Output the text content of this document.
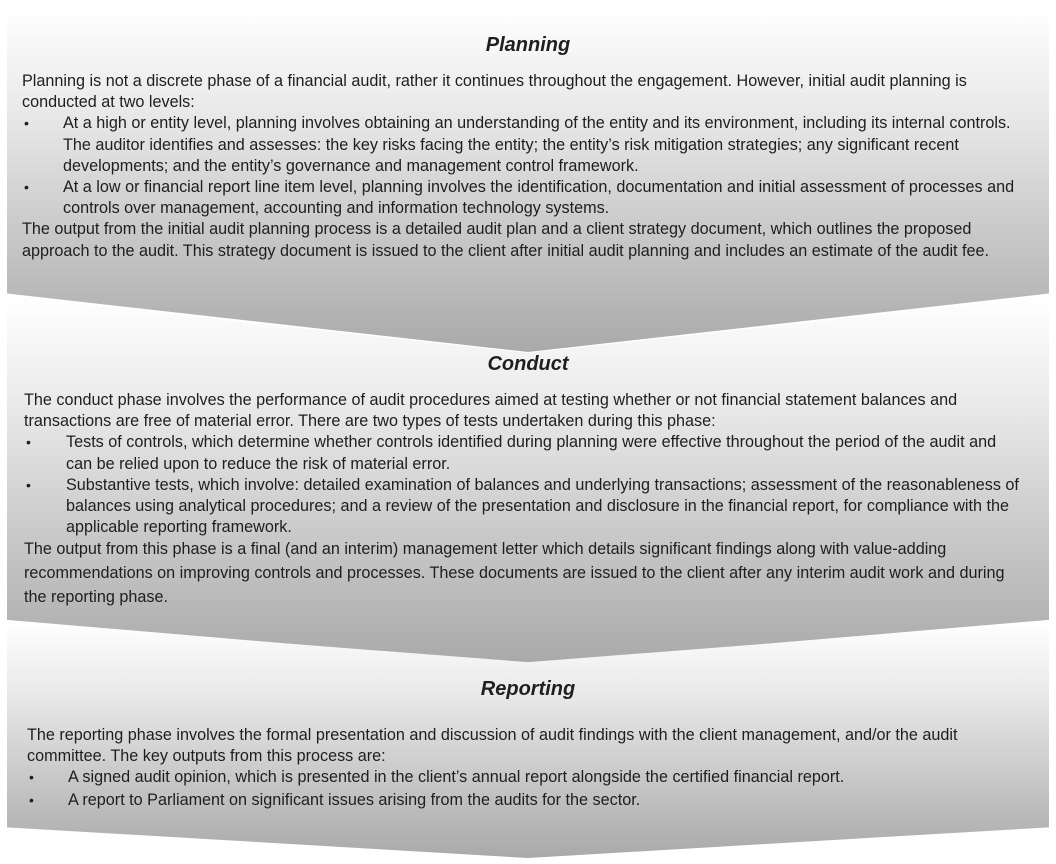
Planning

Planning is not a discrete phase of a financial audit, rather it continues throughout the engagement. However, initial audit planning is conducted at two levels:

• At a high or entity level, planning involves obtaining an understanding of the entity and its environment, including its internal controls. The auditor identifies and assesses: the key risks facing the entity; the entity’s risk mitigation strategies; any significant recent developments; and the entity’s governance and management control framework.
• At a low or financial report line item level, planning involves the identification, documentation and initial assessment of processes and controls over management, accounting and information technology systems.

The output from the initial audit planning process is a detailed audit plan and a client strategy document, which outlines the proposed approach to the audit. This strategy document is issued to the client after initial audit planning and includes an estimate of the audit fee.

Conduct

The conduct phase involves the performance of audit procedures aimed at testing whether or not financial statement balances and transactions are free of material error. There are two types of tests undertaken during this phase:

• Tests of controls, which determine whether controls identified during planning were effective throughout the period of the audit and can be relied upon to reduce the risk of material error.
• Substantive tests, which involve: detailed examination of balances and underlying transactions; assessment of the reasonableness of balances using analytical procedures; and a review of the presentation and disclosure in the financial report, for compliance with the applicable reporting framework.

The output from this phase is a final (and an interim) management letter which details significant findings along with value-adding recommendations on improving controls and processes. These documents are issued to the client after any interim audit work and during the reporting phase.

Reporting

The reporting phase involves the formal presentation and discussion of audit findings with the client management, and/or the audit committee. The key outputs from this process are:

• A signed audit opinion, which is presented in the client’s annual report alongside the certified financial report.
• A report to Parliament on significant issues arising from the audits for the sector.
